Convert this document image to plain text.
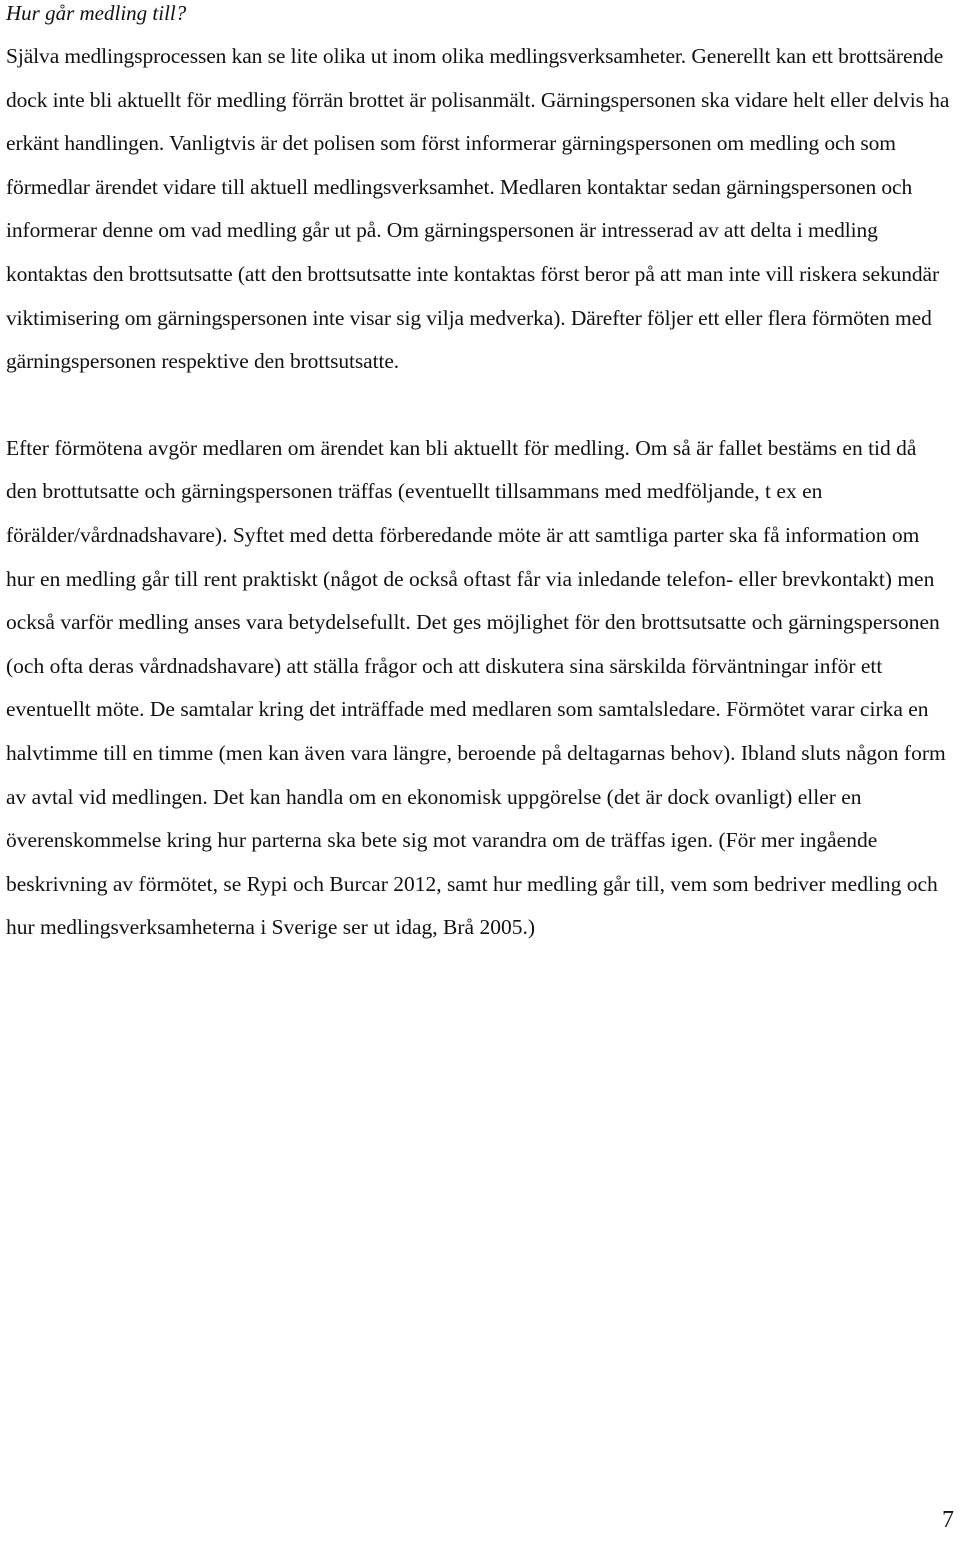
Hur går medling till?

Själva medlingsprocessen kan se lite olika ut inom olika medlingsverksamheter. Generellt kan ett brottsärende dock inte bli aktuellt för medling förrän brottet är polisanmält. Gärningspersonen ska vidare helt eller delvis ha erkänt handlingen. Vanligtvis är det polisen som först informerar gärningspersonen om medling och som förmedlar ärendet vidare till aktuell medlingsverksamhet. Medlaren kontaktar sedan gärningspersonen och informerar denne om vad medling går ut på. Om gärningspersonen är intresserad av att delta i medling kontaktas den brottsutsatte (att den brottsutsatte inte kontaktas först beror på att man inte vill riskera sekundär viktimisering om gärningspersonen inte visar sig vilja medverka). Därefter följer ett eller flera förmöten med gärningspersonen respektive den brottsutsatte.

Efter förmötena avgör medlaren om ärendet kan bli aktuellt för medling. Om så är fallet bestäms en tid då den brottutsatte och gärningspersonen träffas (eventuellt tillsammans med medföljande, t ex en förälder/vårdnadshavare). Syftet med detta förberedande möte är att samtliga parter ska få information om hur en medling går till rent praktiskt (något de också oftast får via inledande telefon- eller brevkontakt) men också varför medling anses vara betydelsefullt. Det ges möjlighet för den brottsutsatte och gärningspersonen (och ofta deras vårdnadshavare) att ställa frågor och att diskutera sina särskilda förväntningar inför ett eventuellt möte. De samtalar kring det inträffade med medlaren som samtalsledare. Förmötet varar cirka en halvtimme till en timme (men kan även vara längre, beroende på deltagarnas behov). Ibland sluts någon form av avtal vid medlingen. Det kan handla om en ekonomisk uppgörelse (det är dock ovanligt) eller en överenskommelse kring hur parterna ska bete sig mot varandra om de träffas igen. (För mer ingående beskrivning av förmötet, se Rypi och Burcar 2012, samt hur medling går till, vem som bedriver medling och hur medlingsverksamheterna i Sverige ser ut idag, Brå 2005.)

7
